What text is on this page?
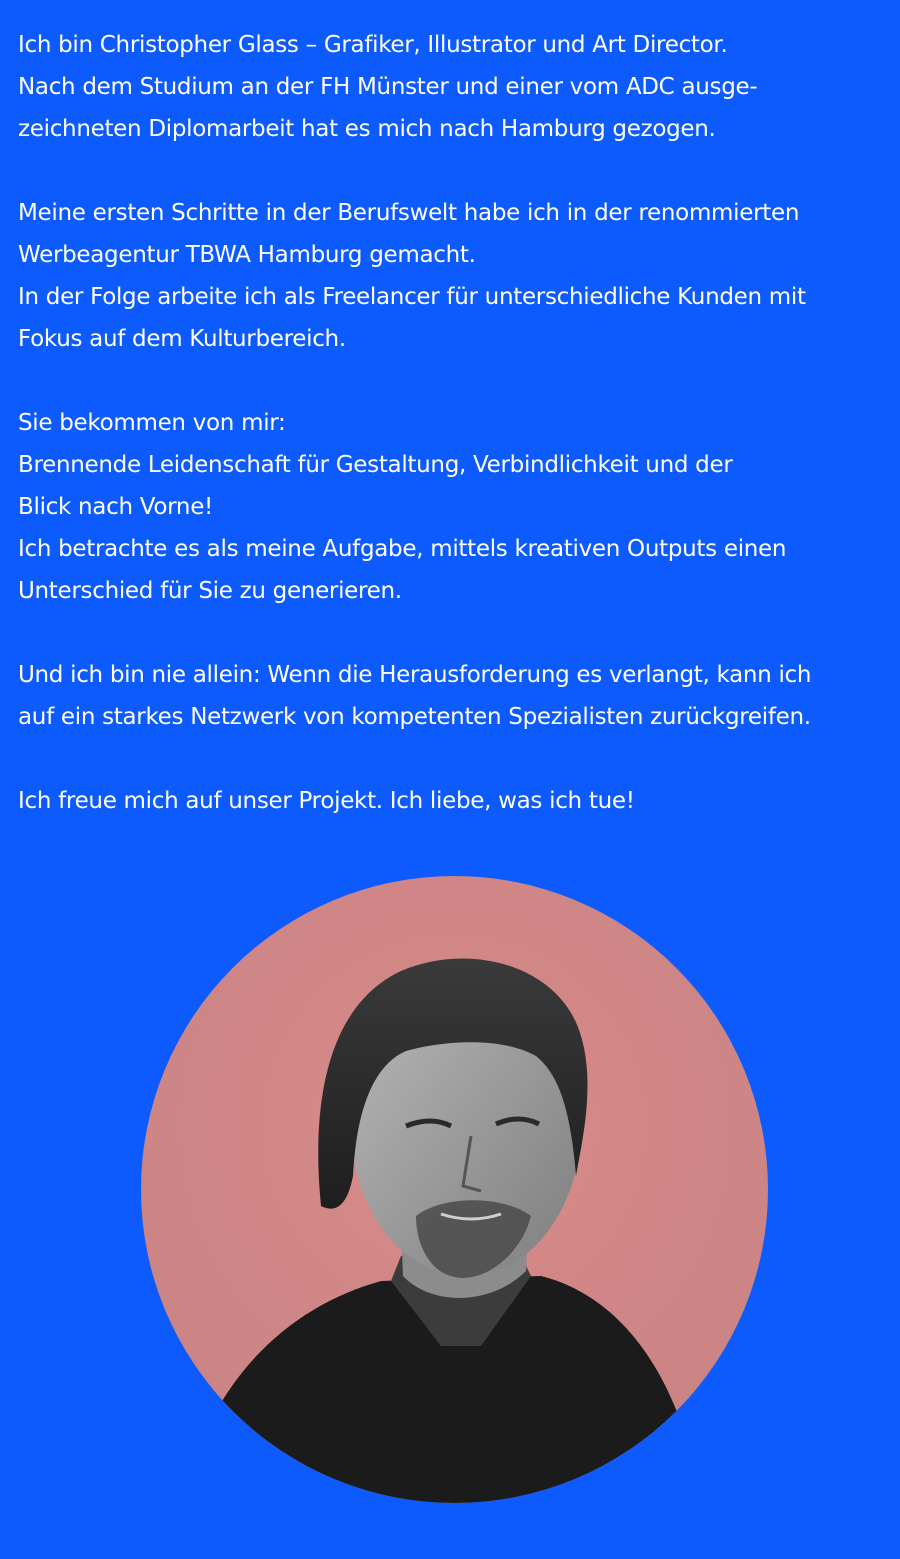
Ich bin Christopher Glass – Grafiker, Illustrator und Art Director.
Nach dem Studium an der FH Münster und einer vom ADC ausge-
zeichneten Diplomarbeit hat es mich nach Hamburg gezogen.
Meine ersten Schritte in der Berufswelt habe ich in der renommierten
Werbeagentur TBWA Hamburg gemacht.
In der Folge arbeite ich als Freelancer für unterschiedliche Kunden mit
Fokus auf dem Kulturbereich.
Sie bekommen von mir:
Brennende Leidenschaft für Gestaltung, Verbindlichkeit und der
Blick nach Vorne!
Ich betrachte es als meine Aufgabe, mittels kreativen Outputs einen
Unterschied für Sie zu generieren.
Und ich bin nie allein: Wenn die Herausforderung es verlangt, kann ich
auf ein starkes Netzwerk von kompetenten Spezialisten zurückgreifen.
Ich freue mich auf unser Projekt. Ich liebe, was ich tue!
